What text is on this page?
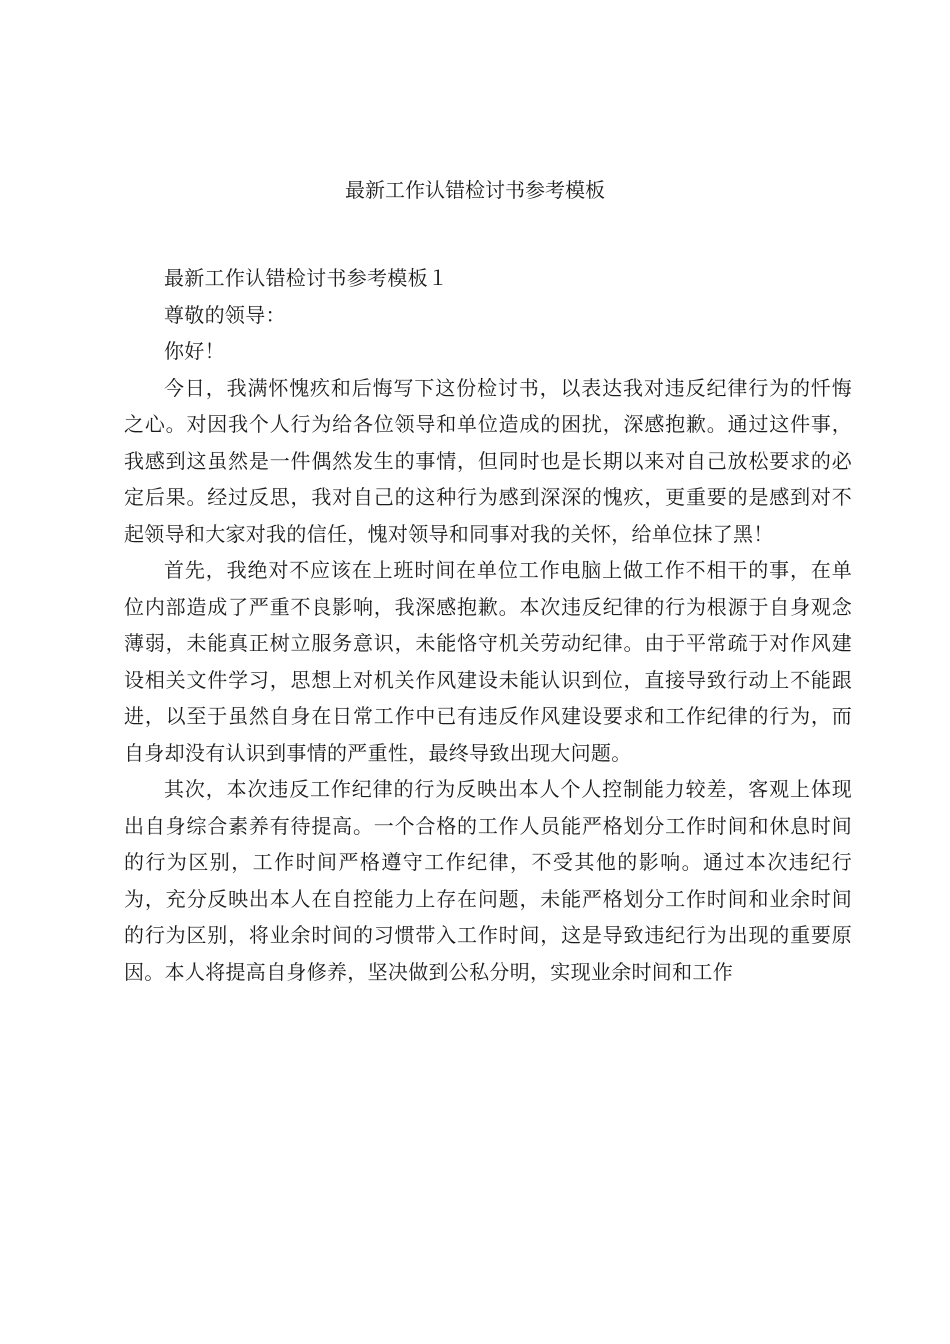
最新工作认错检讨书参考模板

最新工作认错检讨书参考模板１

尊敬的领导：

你好！

今日，我满怀愧疚和后悔写下这份检讨书，以表达我对违反纪律行为的忏悔之心。对因我个人行为给各位领导和单位造成的困扰，深感抱歉。通过这件事，我感到这虽然是一件偶然发生的事情，但同时也是长期以来对自己放松要求的必定后果。经过反思，我对自己的这种行为感到深深的愧疚，更重要的是感到对不起领导和大家对我的信任，愧对领导和同事对我的关怀，给单位抹了黑！

首先，我绝对不应该在上班时间在单位工作电脑上做工作不相干的事，在单位内部造成了严重不良影响，我深感抱歉。本次违反纪律的行为根源于自身观念薄弱，未能真正树立服务意识，未能恪守机关劳动纪律。由于平常疏于对作风建设相关文件学习，思想上对机关作风建设未能认识到位，直接导致行动上不能跟进，以至于虽然自身在日常工作中已有违反作风建设要求和工作纪律的行为，而自身却没有认识到事情的严重性，最终导致出现大问题。

其次，本次违反工作纪律的行为反映出本人个人控制能力较差，客观上体现出自身综合素养有待提高。一个合格的工作人员能严格划分工作时间和休息时间的行为区别，工作时间严格遵守工作纪律，不受其他的影响。通过本次违纪行为，充分反映出本人在自控能力上存在问题，未能严格划分工作时间和业余时间的行为区别，将业余时间的习惯带入工作时间，这是导致违纪行为出现的重要原因。本人将提高自身修养，坚决做到公私分明，实现业余时间和工作
